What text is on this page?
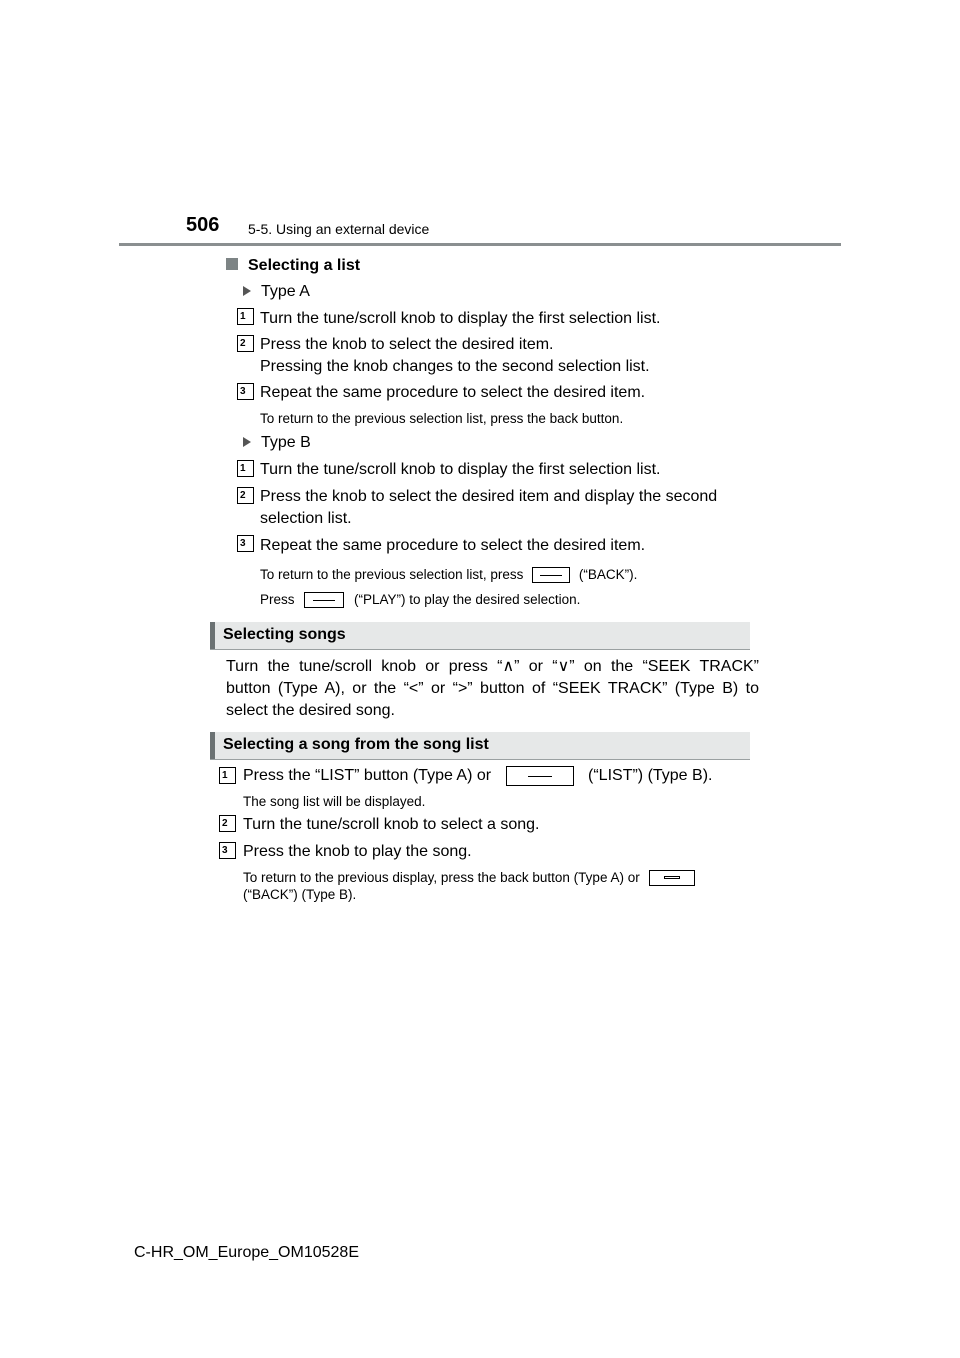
506 5-5. Using an external device
Selecting a list
Type A
1 Turn the tune/scroll knob to display the first selection list.
2 Press the knob to select the desired item.
Pressing the knob changes to the second selection list.
3 Repeat the same procedure to select the desired item.
To return to the previous selection list, press the back button.
Type B
1 Turn the tune/scroll knob to display the first selection list.
2 Press the knob to select the desired item and display the second
selection list.
3 Repeat the same procedure to select the desired item.
To return to the previous selection list, press	(“BACK”).
Press	(“PLAY”) to play the desired selection.
Selecting songs
Turn the tune/scroll knob or press “∧” or “∨” on the “SEEK TRACK”
button (Type A), or the “<” or “>” button of “SEEK TRACK” (Type B) to
select the desired song.
Selecting a song from the song list
1 Press the “LIST” button (Type A) or	(“LIST”) (Type B).
The song list will be displayed.
2 Turn the tune/scroll knob to select a song.
3 Press the knob to play the song.
To return to the previous display, press the back button (Type A) or
(“BACK”) (Type B).
C-HR_OM_Europe_OM10528E
